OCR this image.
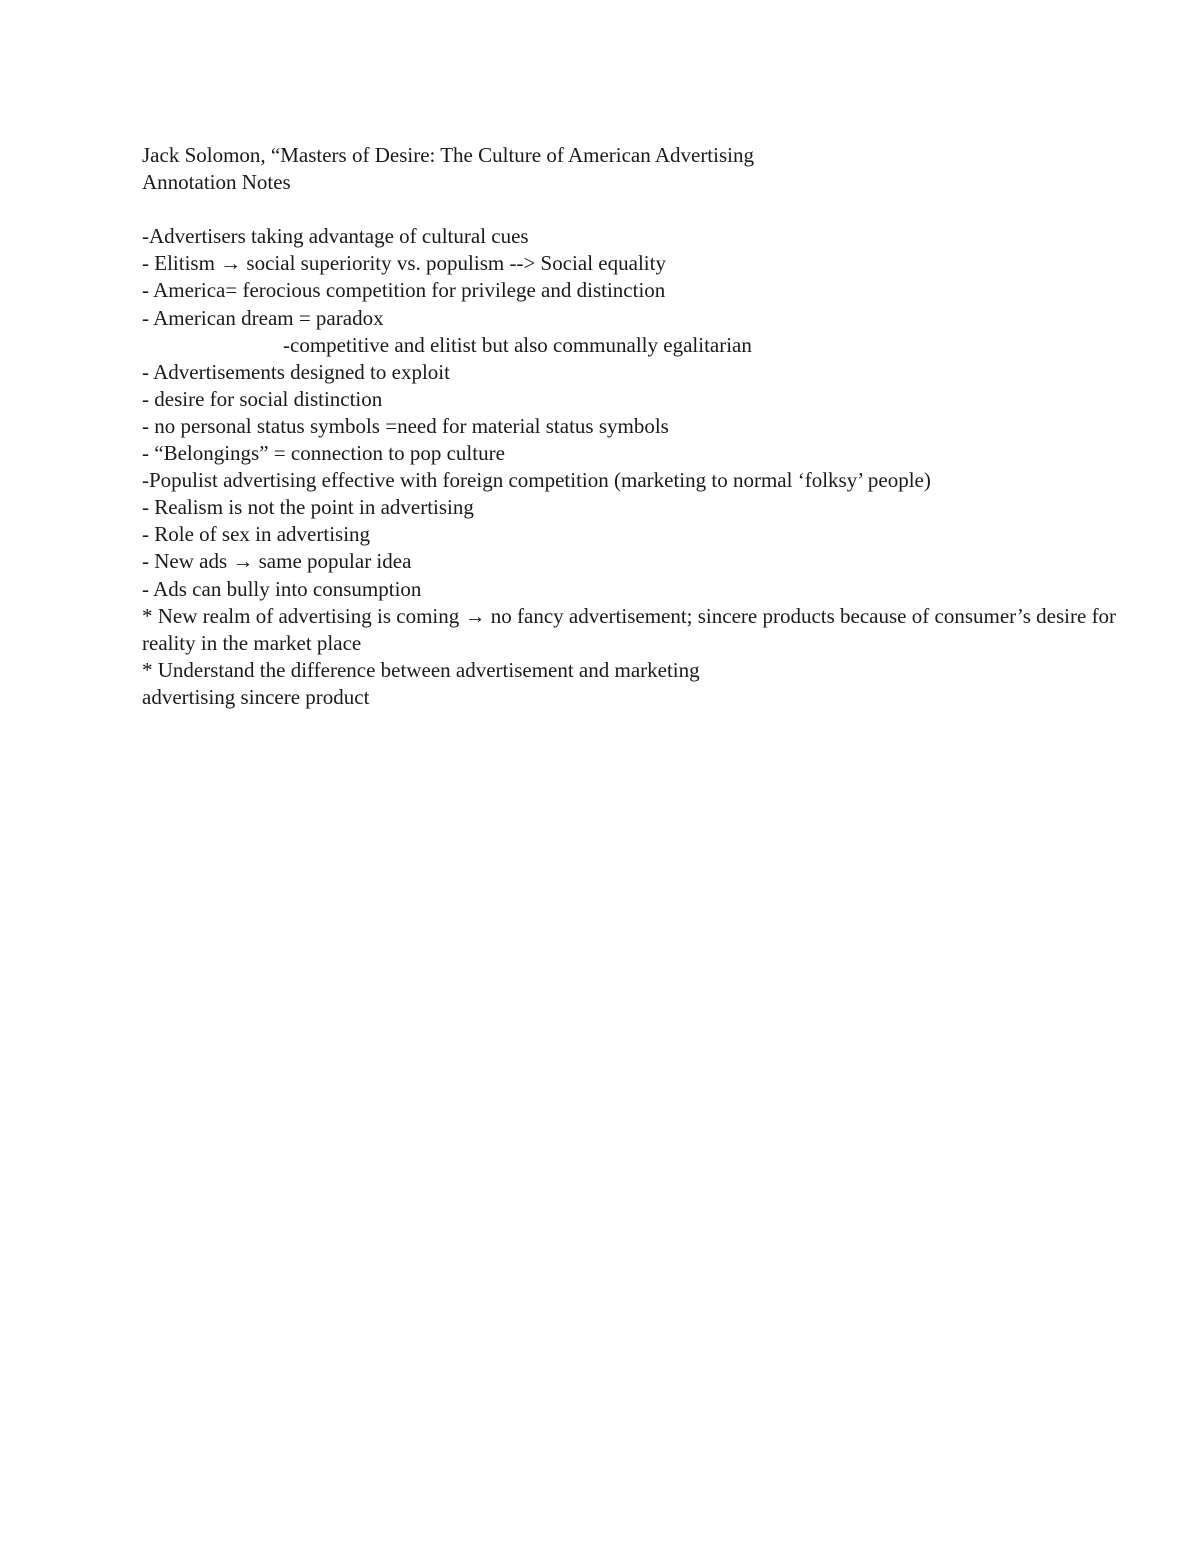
Jack Solomon, “Masters of Desire: The Culture of American Advertising
Annotation Notes
-Advertisers taking advantage of cultural cues
- Elitism → social superiority vs. populism --> Social equality
- America= ferocious competition for privilege and distinction
- American dream = paradox
-competitive and elitist but also communally egalitarian
- Advertisements designed to exploit
- desire for social distinction
- no personal status symbols =need for material status symbols
- “Belongings” = connection to pop culture
-Populist advertising effective with foreign competition (marketing to normal ‘folksy’ people)
- Realism is not the point in advertising
- Role of sex in advertising
- New ads → same popular idea
- Ads can bully into consumption
* New realm of advertising is coming → no fancy advertisement; sincere products because of consumer’s desire for reality in the market place
* Understand the difference between advertisement and marketing
advertising sincere product
